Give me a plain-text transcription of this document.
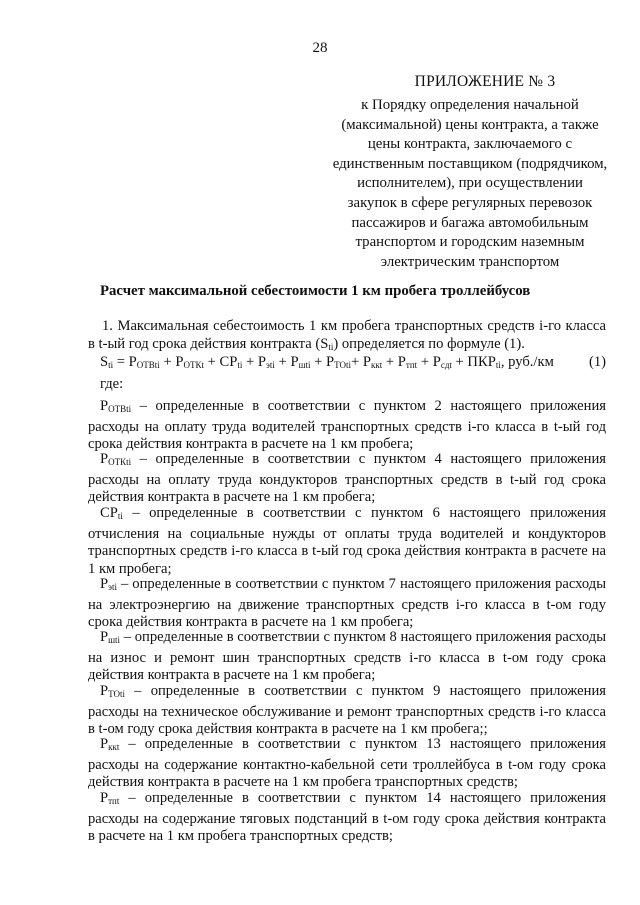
28
ПРИЛОЖЕНИЕ № 3
к Порядку определения начальной
(максимальной) цены контракта, а также
цены контракта, заключаемого с
единственным поставщиком (подрядчиком,
исполнителем), при осуществлении
закупок в сфере регулярных перевозок
пассажиров и багажа автомобильным
транспортом и городским наземным
электрическим транспортом
Расчет максимальной себестоимости 1 км пробега троллейбусов
1. Максимальная себестоимость 1 км пробега транспортных средств i-го класса в t-ый год срока действия контракта $(S_{ti})$ определяется по формуле (1).
$S_{ti} = P_{ОТВti} + P_{ОТКt} + СP_{ti} + P_{эti} + P_{шti} + P_{TOti}+ P_{ккt} + P_{тпt} + P_{сдt} + ПКР_{ti}$, руб./км (1)
где:
$P_{ОТВti}$ – определенные в соответствии с пунктом 2 настоящего приложения расходы на оплату труда водителей транспортных средств i-го класса в t-ый год срока действия контракта в расчете на 1 км пробега;
$P_{ОТКti}$ – определенные в соответствии с пунктом 4 настоящего приложения расходы на оплату труда кондукторов транспортных средств в t-ый год срока действия контракта в расчете на 1 км пробега;
$СP_{ti}$ – определенные в соответствии с пунктом 6 настоящего приложения отчисления на социальные нужды от оплаты труда водителей и кондукторов транспортных средств i-го класса в t-ый год срока действия контракта в расчете на 1 км пробега;
$P_{эti}$ – определенные в соответствии с пунктом 7 настоящего приложения расходы на электроэнергию на движение транспортных средств i-го класса в t-ом году срока действия контракта в расчете на 1 км пробега;
$P_{шti}$ – определенные в соответствии с пунктом 8 настоящего приложения расходы на износ и ремонт шин транспортных средств i-го класса в t-ом году срока действия контракта в расчете на 1 км пробега;
$P_{TOti}$ – определенные в соответствии с пунктом 9 настоящего приложения расходы на техническое обслуживание и ремонт транспортных средств i-го класса в t-ом году срока действия контракта в расчете на 1 км пробега;;
$P_{ккt}$ – определенные в соответствии с пунктом 13 настоящего приложения расходы на содержание контактно-кабельной сети троллейбуса в t-ом году срока действия контракта в расчете на 1 км пробега транспортных средств;
$P_{тпt}$ – определенные в соответствии с пунктом 14 настоящего приложения расходы на содержание тяговых подстанций в t-ом году срока действия контракта в расчете на 1 км пробега транспортных средств;
